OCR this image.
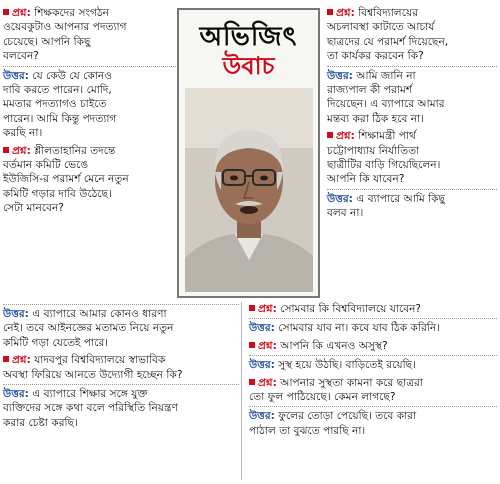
প্রশ্ন: শিক্ষকদের সংগঠন
ওয়েবকুটাও আপনার পদত্যাগ
চেয়েছে। আপনি কিছু
বলবেন?
উত্তর: যে কেউ যে কোনও
দাবি করতে পারেন। মোদি,
মমতার পদত্যাগও চাইতে
পারেন। আমি কিন্তু পদত্যাগ
করছি না।
প্রশ্ন: শ্লীলতাহানির তদন্তে
বর্তমান কমিটি ভেঙে
ইউজিসি-র পরামর্শ মেনে নতুন
কমিটি গড়ার দাবি উঠেছে।
সেটা মানবেন?
অভিজিৎ
উবাচ
প্রশ্ন: বিশ্ববিদ্যালয়ের
অচলাবস্থা কাটাতে আচার্য
ছাত্রদের যে পরামর্শ দিয়েছেন,
তা কার্যকর করবেন কি?
উত্তর: আমি জানি না
রাজ্যপাল কী পরামর্শ
দিয়েছেন। এ ব্যাপারে আমার
মন্তব্য করা ঠিক হবে না।
প্রশ্ন: শিক্ষামন্ত্রী পার্থ
চট্টোপাধ্যায় নির্যাতিতা
ছাত্রীটির বাড়ি গিয়েছিলেন।
আপনি কি যাবেন?
উত্তর: এ ব্যাপারে আমি কিছু
বলব না।
উত্তর: এ ব্যাপারে আমার কোনও ধারণা
নেই। তবে আইনজ্ঞের মতামত নিয়ে নতুন
কমিটি গড়া যেতেই পারে।
প্রশ্ন: যাদবপুর বিশ্ববিদ্যালয়ে স্বাভাবিক
অবস্থা ফিরিয়ে আনতে উদ্যোগী হচ্ছেন কি?
উত্তর: এ ব্যাপারে শিক্ষার সঙ্গে যুক্ত
ব্যক্তিদের সঙ্গে কথা বলে পরিস্থিতি নিয়ন্ত্রণ
করার চেষ্টা করছি।
প্রশ্ন: সোমবার কি বিশ্ববিদ্যালয়ে যাবেন?
উত্তর: সোমবার যাব না। কবে যাব ঠিক করিনি।
প্রশ্ন: আপনি কি এখনও অসুস্থ?
উত্তর: সুস্থ হয়ে উঠছি। বাড়িতেই রয়েছি।
প্রশ্ন: আপনার সুস্থতা কামনা করে ছাত্ররা
তো ফুল পাঠিয়েছে। কেমন লাগছে?
উত্তর: ফুলের তোড়া পেয়েছি। তবে কারা
পাঠাল তা বুঝতে পারছি না।
